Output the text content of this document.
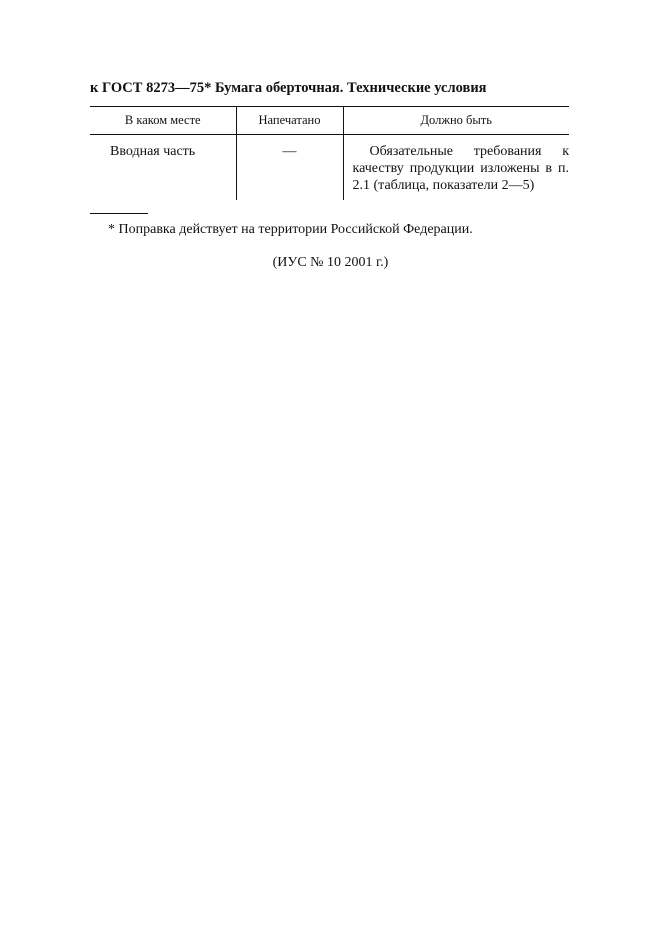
к ГОСТ 8273—75* Бумага оберточная. Технические условия
В каком месте	Напечатано	Должно быть
Вводная часть	—	Обязательные требования к качеству продукции изложены в п. 2.1 (таблица, показатели 2—5)
* Поправка действует на территории Российской Федерации.
(ИУС № 10 2001 г.)
